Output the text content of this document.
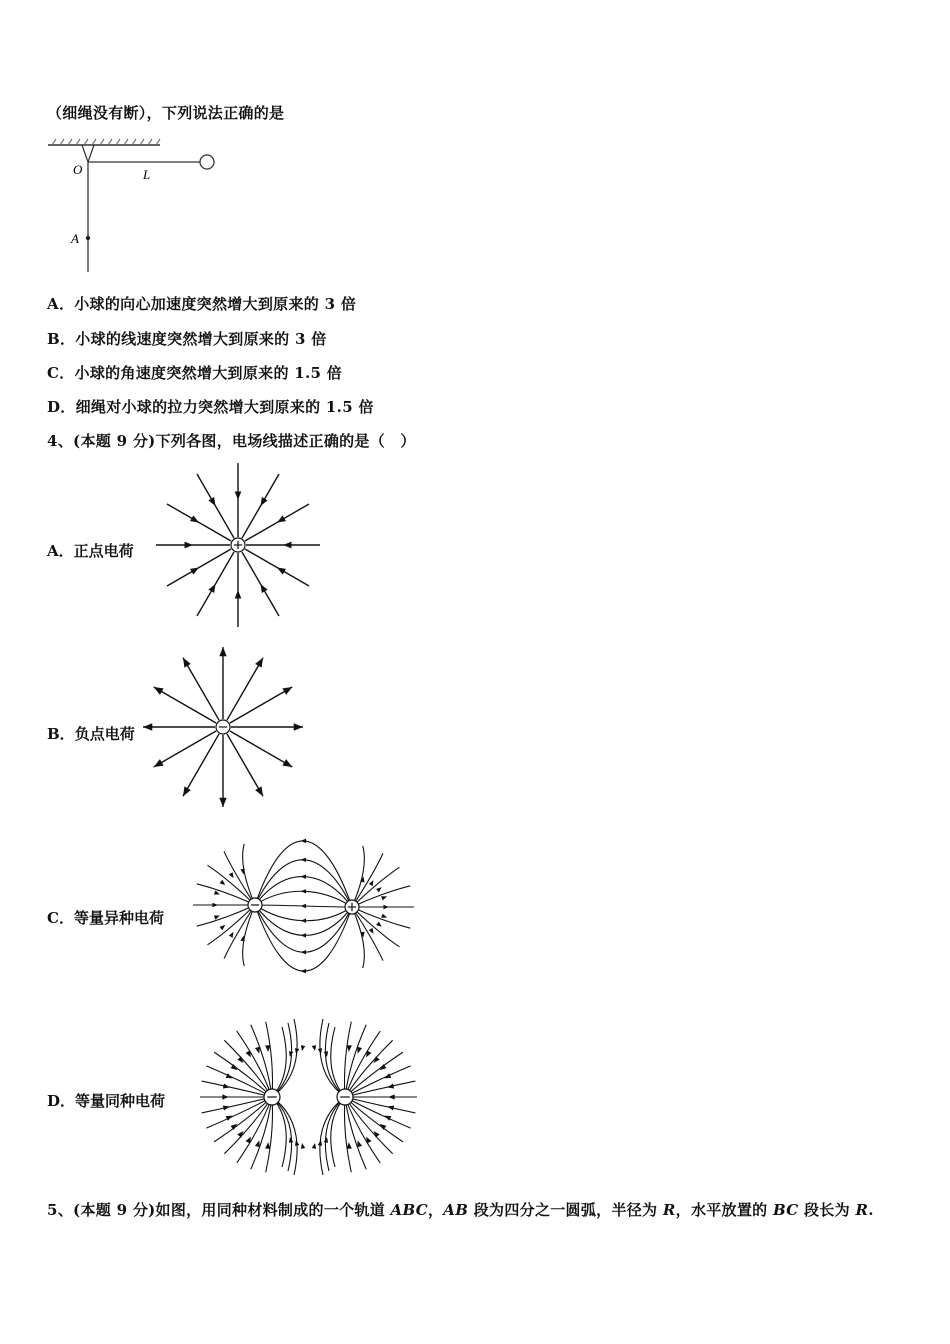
（细绳没有断），下列说法正确的是
O	L
A
A．小球的向心加速度突然增大到原来的 3 倍
B．小球的线速度突然增大到原来的 3 倍
C．小球的角速度突然增大到原来的 1.5 倍
D．细绳对小球的拉力突然增大到原来的 1.5 倍
4、(本题 9 分)下列各图，电场线描述正确的是（　）
A．正点电荷
B．负点电荷
C．等量异种电荷
D．等量同种电荷
5、(本题 9 分)如图，用同种材料制成的一个轨道 ABC，AB 段为四分之一圆弧，半径为 R，水平放置的 BC 段长为 R.
